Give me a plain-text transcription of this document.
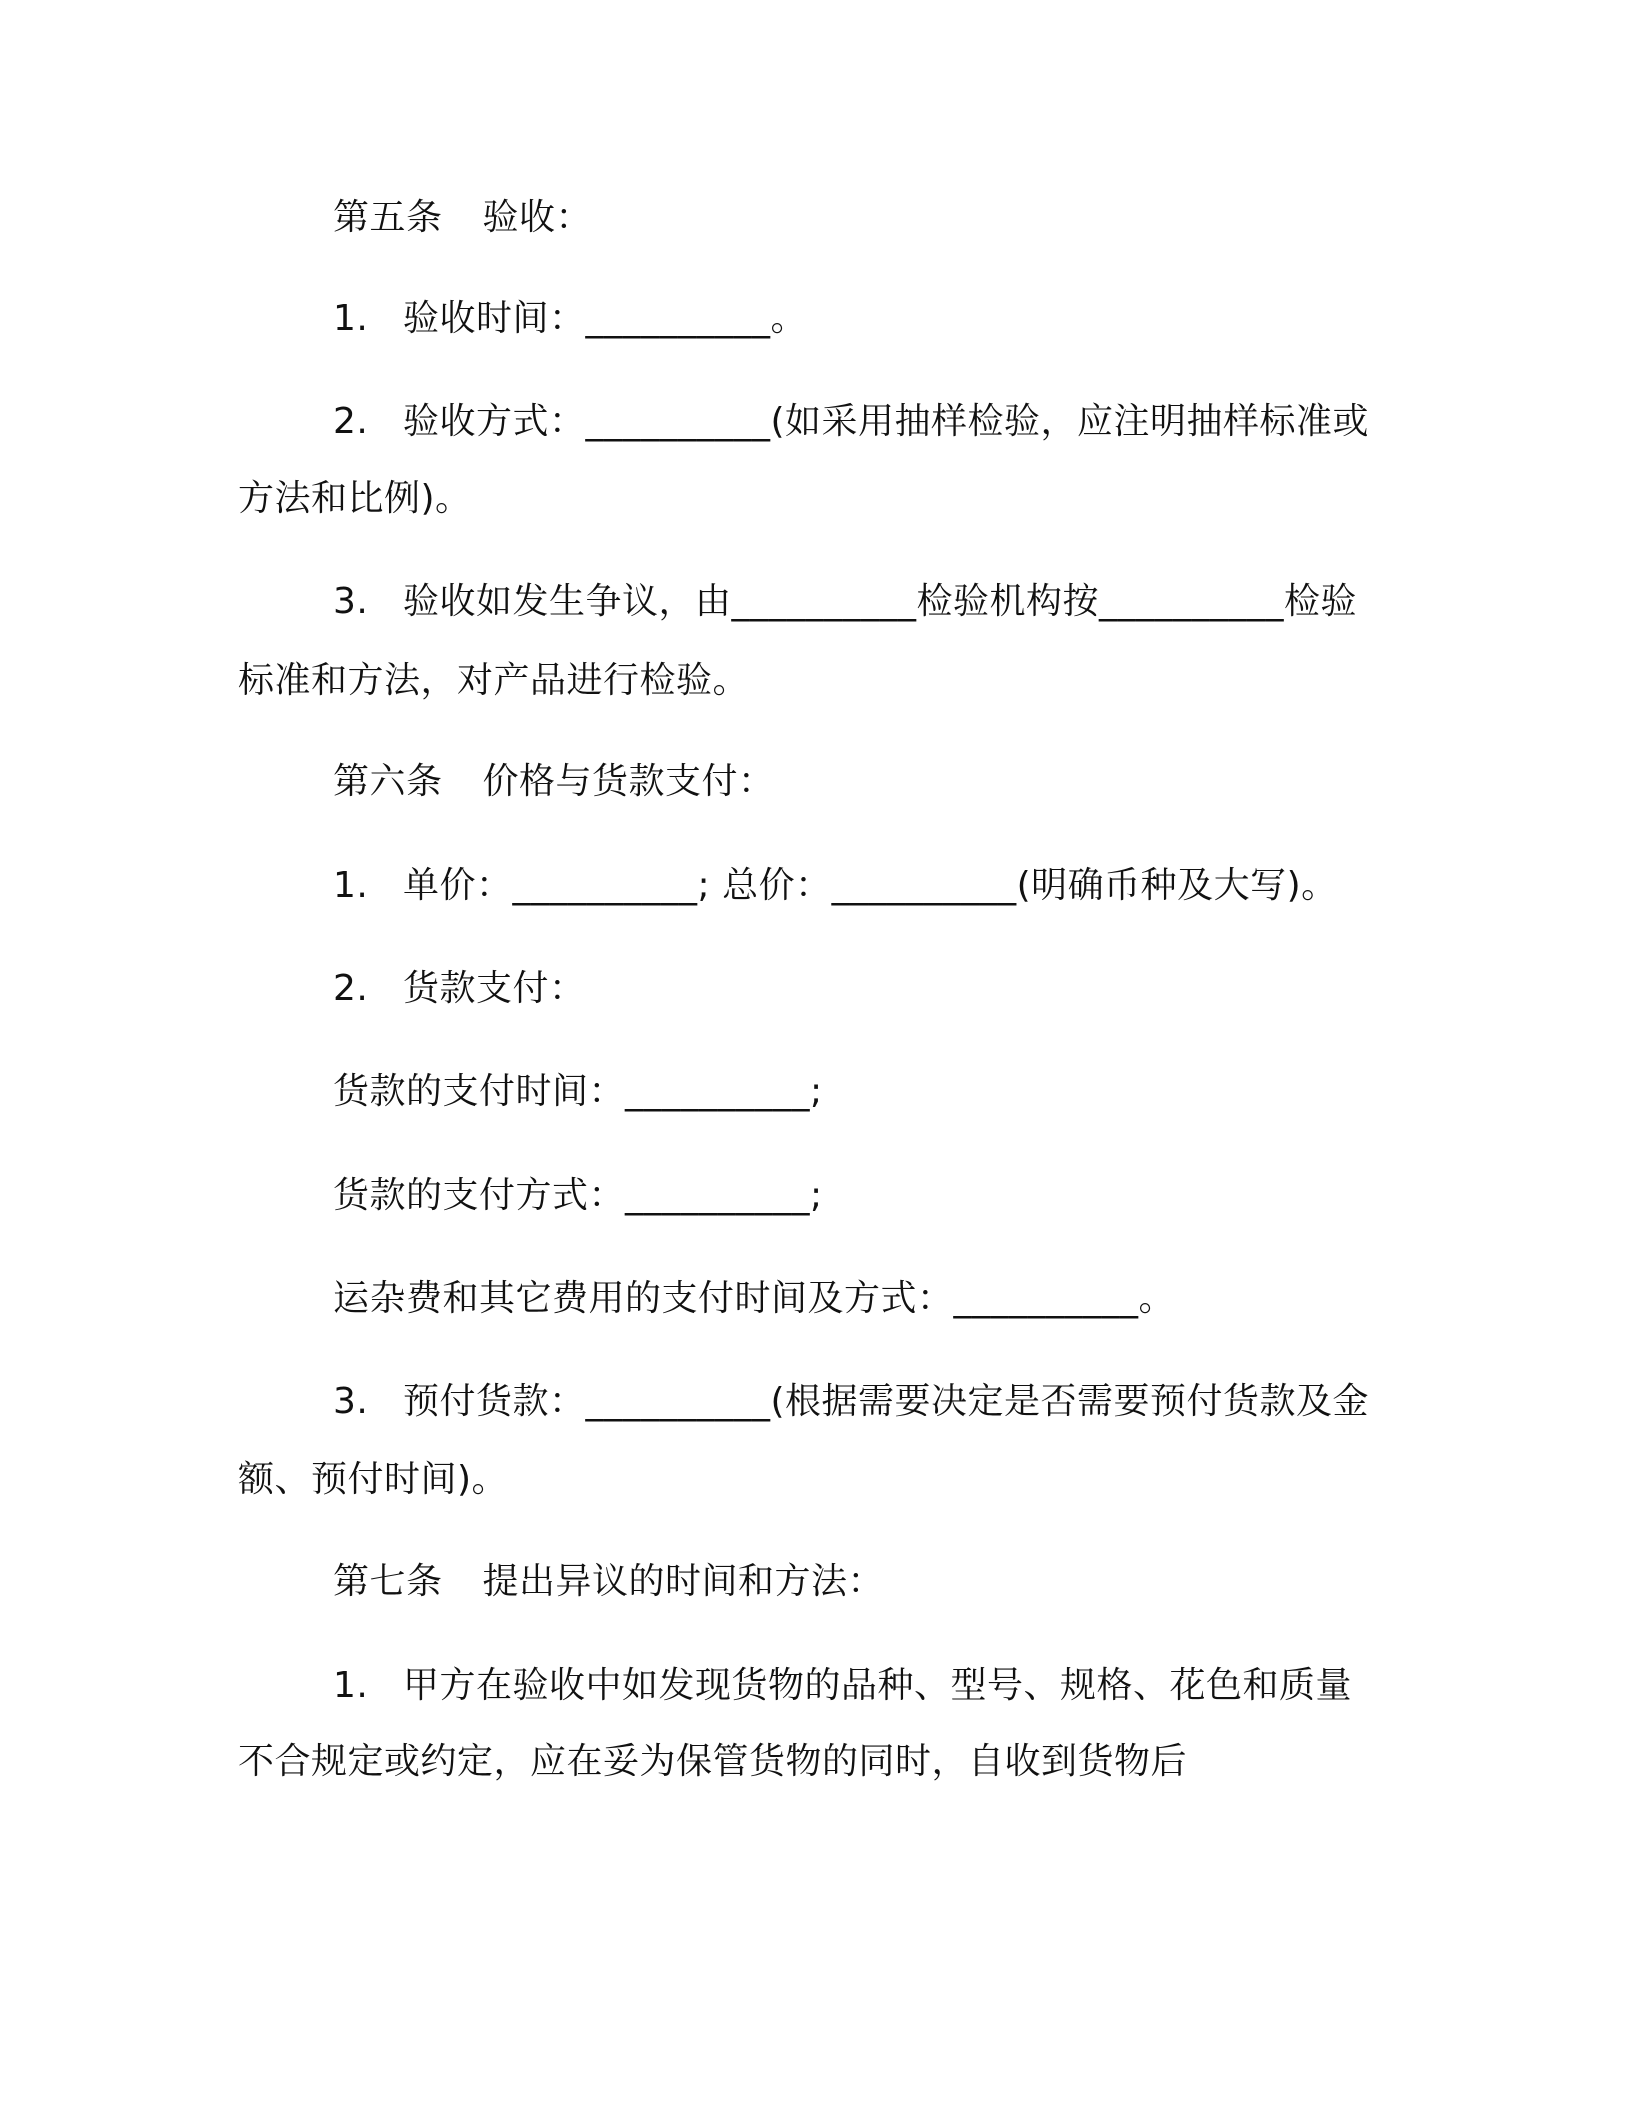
第五条 验收：
1. 验收时间：__________。
2. 验收方式：__________(如采用抽样检验，应注明抽样标准或
方法和比例)。
3. 验收如发生争议，由__________检验机构按__________检验
标准和方法，对产品进行检验。
第六条 价格与货款支付：
1. 单价：__________; 总价：__________(明确币种及大写)。
2. 货款支付：
货款的支付时间：__________;
货款的支付方式：__________;
运杂费和其它费用的支付时间及方式：__________。
3. 预付货款：__________(根据需要决定是否需要预付货款及金
额、预付时间)。
第七条 提出异议的时间和方法：
1. 甲方在验收中如发现货物的品种、型号、规格、花色和质量
不合规定或约定，应在妥为保管货物的同时，自收到货物后
